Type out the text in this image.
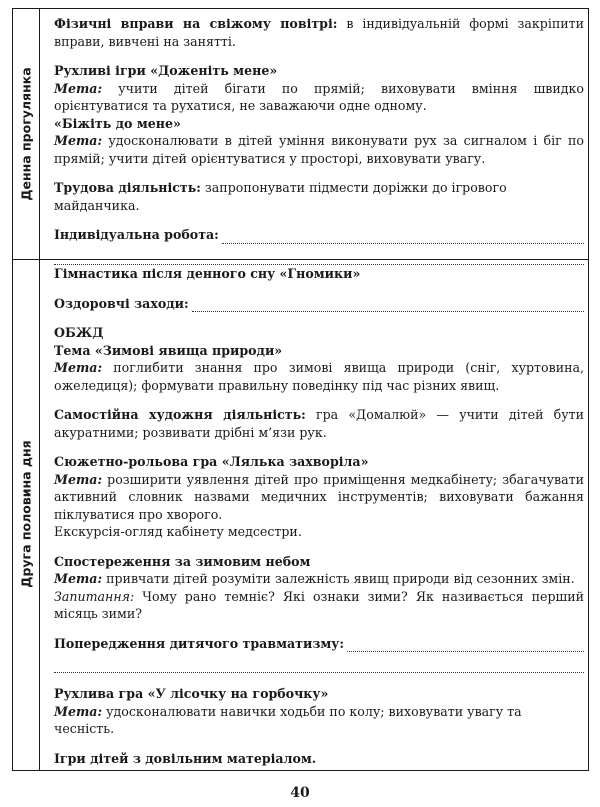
Денна прогулянка
Друга половина дня

Фізичні вправи на свіжому повітрі: в індивідуальній формі закріпити вправи, вивчені на занятті.

Рухливі ігри «Доженіть мене»

Мета: учити дітей бігати по прямій; виховувати вміння швидко орієнтуватися та рухатися, не заважаючи одне одному.

«Біжіть до мене»

Мета: удосконалювати в дітей уміння виконувати рух за сигналом і біг по прямій; учити дітей орієнтуватися у просторі, виховувати увагу.

Трудова діяльність: запропонувати підмести доріжки до ігрового майданчика.

Індивідуальна робота:

Гімнастика після денного сну «Гномики»

Оздоровчі заходи:

ОБЖД

Тема «Зимові явища природи»

Мета: поглибити знання про зимові явища природи (сніг, хуртовина, ожеледиця); формувати правильну поведінку під час різних явищ.

Самостійна художня діяльність: гра «Домалюй» — учити дітей бути акуратними; розвивати дрібні м’язи рук.

Сюжетно-рольова гра «Лялька захворіла»

Мета: розширити уявлення дітей про приміщення медкабінету; збагачувати активний словник назвами медичних інструментів; виховувати бажання піклуватися про хворого.

Екскурсія-огляд кабінету медсестри.

Спостереження за зимовим небом

Мета: привчати дітей розуміти залежність явищ природи від сезонних змін.

Запитання: Чому рано темніє? Які ознаки зими? Як називається перший місяць зими?

Попередження дитячого травматизму:

Рухлива гра «У лісочку на горбочку»

Мета: удосконалювати навички ходьби по колу; виховувати увагу та чесність.

Ігри дітей з довільним матеріалом.

40
